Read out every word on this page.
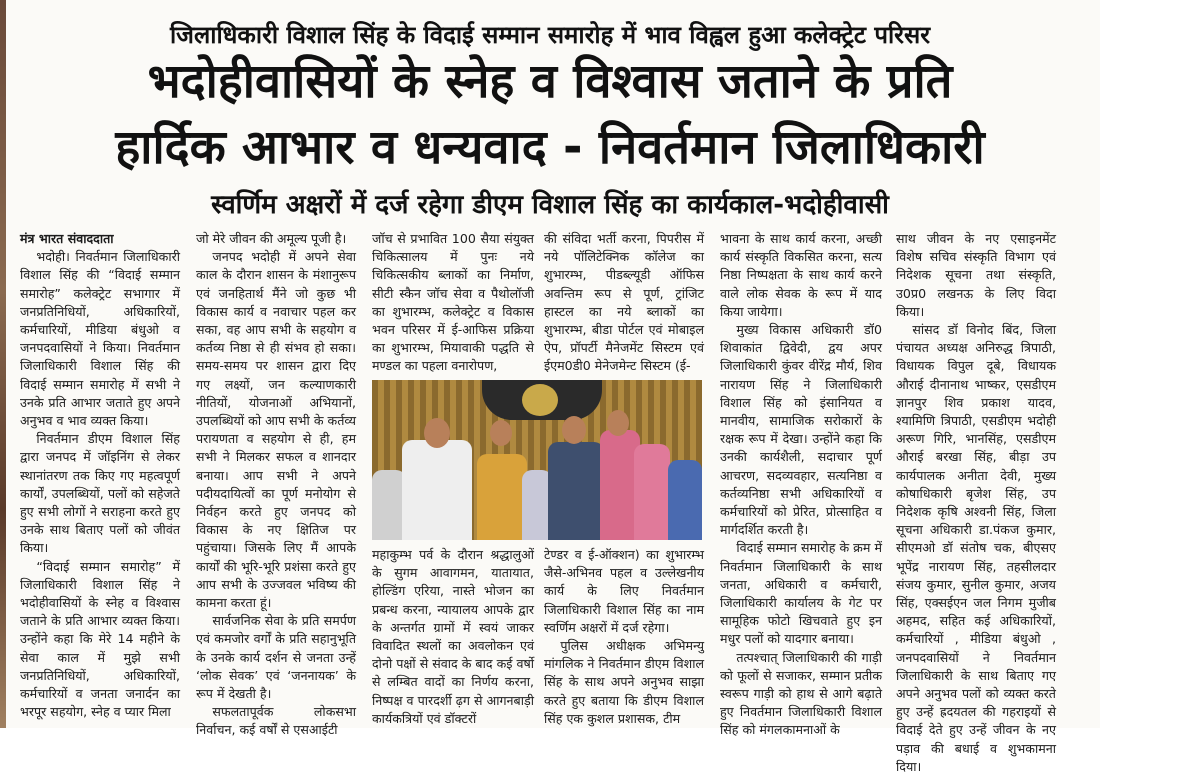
जिलाधिकारी विशाल सिंह के विदाई सम्मान समारोह में भाव विह्वल हुआ कलेक्ट्रेट परिसर
भदोहीवासियों के स्नेह व विश्वास जताने के प्रति
हार्दिक आभार व धन्यवाद - निवर्तमान जिलाधिकारी
स्वर्णिम अक्षरों में दर्ज रहेगा डीएम विशाल सिंह का कार्यकाल-भदोहीवासी

मंत्र भारत संवाददाता

भदोही। निवर्तमान जिलाधिकारी विशाल सिंह की “विदाई सम्मान समारोह” कलेक्ट्रेट सभागार में जनप्रतिनिधियों, अधिकारियों, कर्मचारियों, मीडिया बंधुओ व जनपदवासियों ने किया। निवर्तमान जिलाधिकारी विशाल सिंह की विदाई सम्मान समारोह में सभी ने उनके प्रति आभार जताते हुए अपने अनुभव व भाव व्यक्त किया।

निवर्तमान डीएम विशाल सिंह द्वारा जनपद में जॉइनिंग से लेकर स्थानांतरण तक किए गए महत्वपूर्ण कार्यों, उपलब्धियों, पलों को सहेजते हुए सभी लोगों ने सराहना करते हुए उनके साथ बिताए पलों को जीवंत किया।

“विदाई सम्मान समारोह” में जिलाधिकारी विशाल सिंह ने भदोहीवासियों के स्नेह व विश्वास जताने के प्रति आभार व्यक्त किया। उन्होंने कहा कि मेरे 14 महीने के सेवा काल में मुझे सभी जनप्रतिनिधियों, अधिकारियों, कर्मचारियों व जनता जनार्दन का भरपूर सहयोग, स्नेह व प्यार मिला

जो मेरे जीवन की अमूल्य पूजी है।

जनपद भदोही में अपने सेवा काल के दौरान शासन के मंशानुरूप एवं जनहितार्थ मैंने जो कुछ भी विकास कार्य व नवाचार पहल कर सका, वह आप सभी के सहयोग व कर्तव्य निष्ठा से ही संभव हो सका। समय-समय पर शासन द्वारा दिए गए लक्ष्यों, जन कल्याणकारी नीतियों, योजनाओं अभियानों, उपलब्धियों को आप सभी के कर्तव्य परायणता व सहयोग से ही, हम सभी ने मिलकर सफल व शानदार बनाया। आप सभी ने अपने पदीयदायित्वों का पूर्ण मनोयोग से निर्वहन करते हुए जनपद को विकास के नए क्षितिज पर पहुंचाया। जिसके लिए मैं आपके कार्यों की भूरि-भूरि प्रशंसा करते हुए आप सभी के उज्जवल भविष्य की कामना करता हूं।

सार्वजनिक सेवा के प्रति समर्पण एवं कमजोर वर्गों के प्रति सहानुभूति के उनके कार्य दर्शन से जनता उन्हें ‘लोक सेवक’ एवं ‘जननायक’ के रूप में देखती है।

सफलतापूर्वक लोकसभा निर्वाचन, कई वर्षों से एसआईटी

जॉच से प्रभावित 100 सैया संयुक्त चिकित्सालय में पुनः नये चिकित्सकीय ब्लाकों का निर्माण, सीटी स्कैन जॉच सेवा व पैथोलॉजी का शुभारम्भ, कलेक्ट्रेट व विकास भवन परिसर में ई-आफिस प्रक्रिया का शुभारम्भ, मियावाकी पद्धति से मण्डल का पहला वनारोपण,

की संविदा भर्ती करना, पिपरीस में नये पॉलिटेक्निक कॉलेज का शुभारम्भ, पीडब्ल्यूडी ऑफिस अवन्तिम रूप से पूर्ण, ट्रांजिट हास्टल का नये ब्लाकों का शुभारम्भ, बीडा पोर्टल एवं मोबाइल ऐप, प्रॉपर्टी मैनेजमेंट सिस्टम एवं ईएम0डी0 मेनेजमेन्ट सिस्टम (ई-

महाकुम्भ पर्व के दौरान श्रद्धालुओं के सुगम आवागमन, यातायात, होल्डिंग एरिया, नास्ते भोजन का प्रबन्ध करना, न्यायालय आपके द्वार के अन्तर्गत ग्रामों में स्वयं जाकर विवादित स्थलों का अवलोकन एवं दोनो पक्षों से संवाद के बाद कई वर्षो से लम्बित वादों का निर्णय करना, निष्पक्ष व पारदर्शी ढ़ग से आगनबाड़ी कार्यकत्रियों एवं डॉक्टरों

टेण्डर व ई-ऑक्शन) का शुभारम्भ जैसे-अभिनव पहल व उल्लेखनीय कार्य के लिए निवर्तमान जिलाधिकारी विशाल सिंह का नाम स्वर्णिम अक्षरों में दर्ज रहेगा।

पुलिस अधीक्षक अभिमन्यु मांगलिक ने निवर्तमान डीएम विशाल सिंह के साथ अपने अनुभव साझा करते हुए बताया कि डीएम विशाल सिंह एक कुशल प्रशासक, टीम

भावना के साथ कार्य करना, अच्छी कार्य संस्कृति विकसित करना, सत्य निष्ठा निष्पक्षता के साथ कार्य करने वाले लोक सेवक के रूप में याद किया जायेगा।

मुख्य विकास अधिकारी डॉ0 शिवाकांत द्विवेदी, द्वय अपर जिलाधिकारी कुंवर वीरेंद्र मौर्य, शिव नारायण सिंह ने जिलाधिकारी विशाल सिंह को इंसानियत व मानवीय, सामाजिक सरोकारों के रक्षक रूप में देखा। उन्होंने कहा कि उनकी कार्यशैली, सदाचार पूर्ण आचरण, सदव्यवहार, सत्यनिष्ठा व कर्तव्यनिष्ठा सभी अधिकारियों व कर्मचारियों को प्रेरित, प्रोत्साहित व मार्गदर्शित करती है।

विदाई सम्मान समारोह के क्रम में निवर्तमान जिलाधिकारी के साथ जनता, अधिकारी व कर्मचारी, जिलाधिकारी कार्यालय के गेट पर सामूहिक फोटो खिचवाते हुए इन मधुर पलों को यादगार बनाया।

तत्पश्चात् जिलाधिकारी की गाड़ी को फूलों से सजाकर, सम्मान प्रतीक स्वरूप गाड़ी को हाथ से आगे बढ़ाते हुए निवर्तमान जिलाधिकारी विशाल सिंह को मंगलकामनाओं के

साथ जीवन के नए एसाइनमेंट विशेष सचिव संस्कृति विभाग एवं निदेशक सूचना तथा संस्कृति, उ0प्र0 लखनऊ के लिए विदा किया।

सांसद डॉ विनोद बिंद, जिला पंचायत अध्यक्ष अनिरुद्ध त्रिपाठी, विधायक विपुल दूबे, विधायक औराई दीनानाथ भाष्कर, एसडीएम ज्ञानपुर शिव प्रकाश यादव, श्यामिणि त्रिपाठी, एसडीएम भदोही अरूण गिरि, भानसिंह, एसडीएम औराई बरखा सिंह, बीड़ा उप कार्यपालक अनीता देवी, मुख्य कोषाधिकारी बृजेश सिंह, उप निदेशक कृषि अश्वनी सिंह, जिला सूचना अधिकारी डा.पंकज कुमार, सीएमओ डॉ संतोष चक, बीएसए भूपेंद्र नारायण सिंह, तहसीलदार संजय कुमार, सुनील कुमार, अजय सिंह, एक्सईएन जल निगम मुजीब अहमद, सहित कई अधिकारियों, कर्मचारियों , मीडिया बंधुओ , जनपदवासियों ने निवर्तमान जिलाधिकारी के साथ बिताए गए अपने अनुभव पलों को व्यक्त करते हुए उन्हें ह्रदयतल की गहराइयों से विदाई देते हुए उन्हें जीवन के नए पड़ाव की बधाई व शुभकामना दिया।
